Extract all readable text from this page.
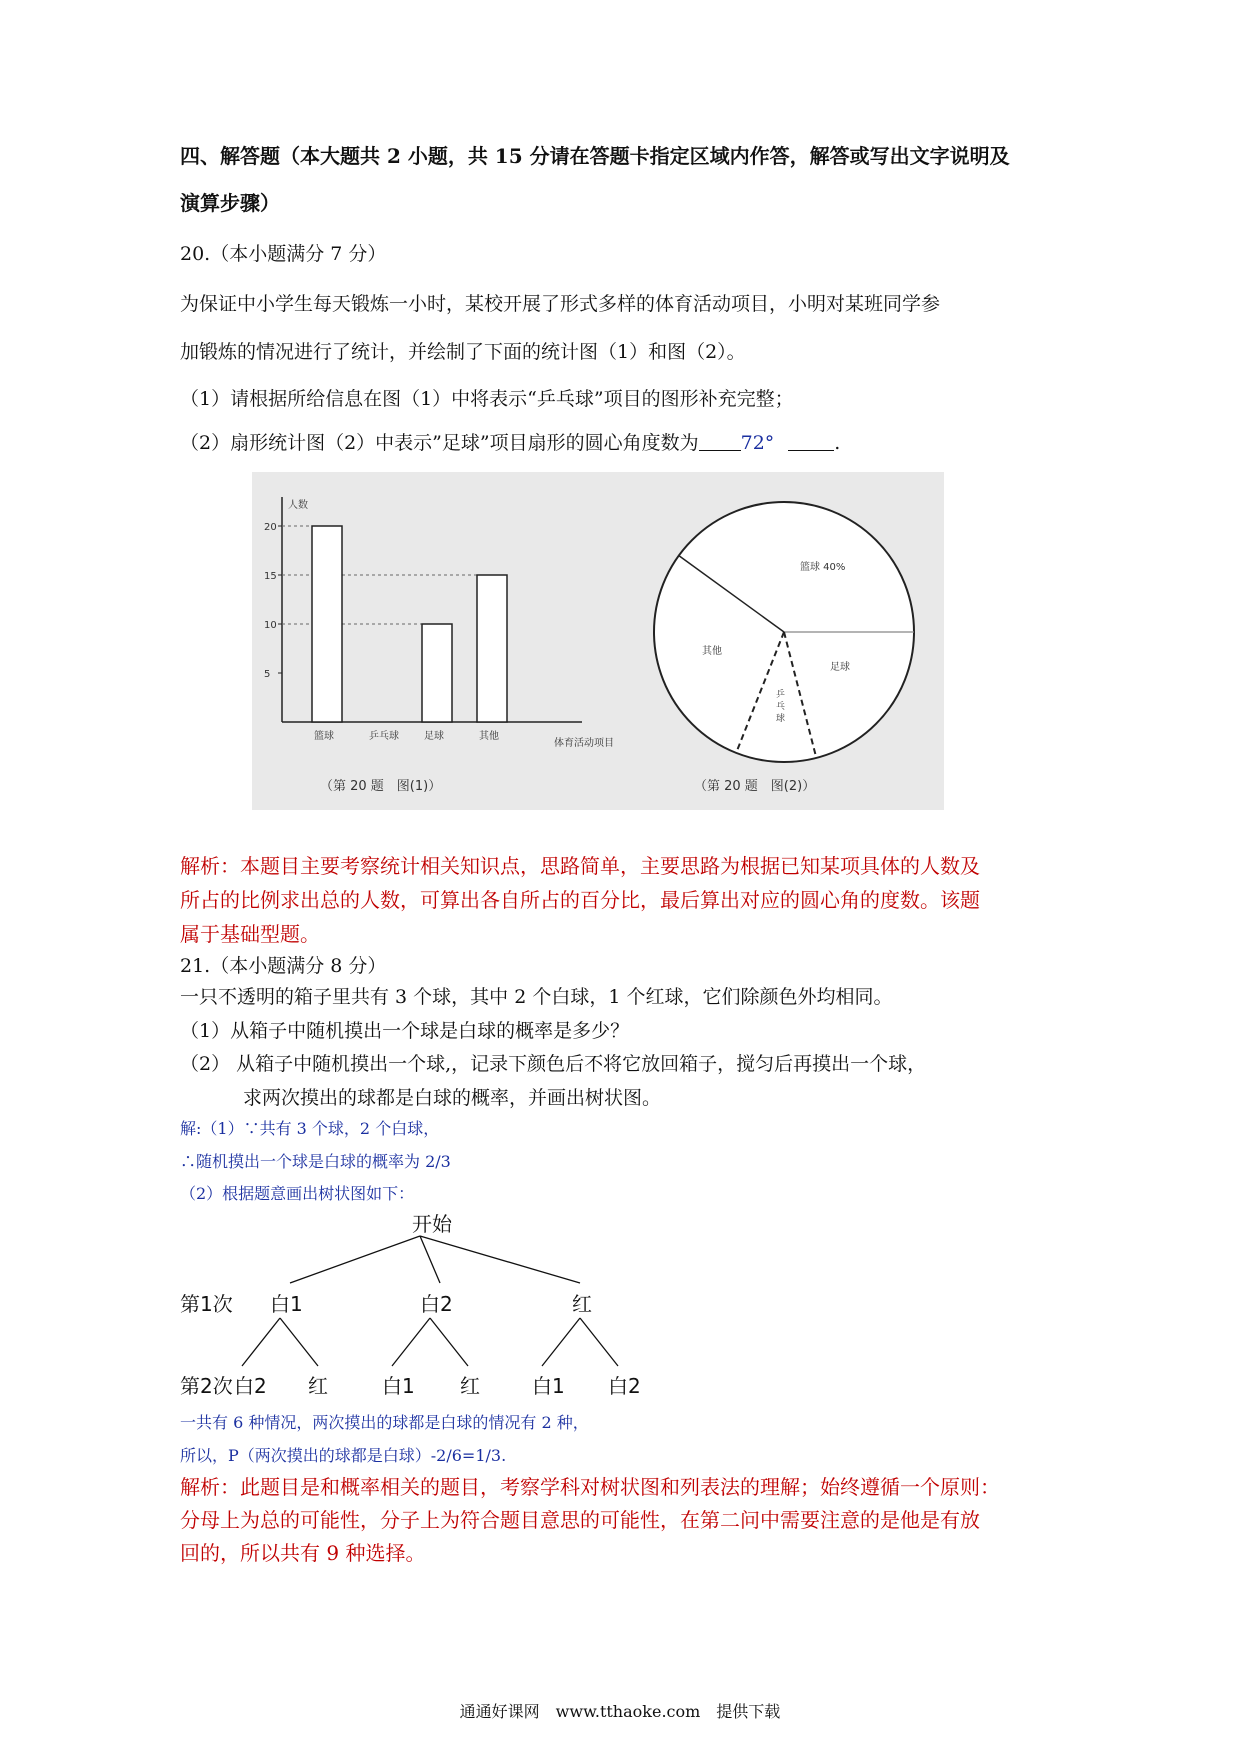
四、解答题（本大题共 2 小题，共 15 分请在答题卡指定区域内作答，解答或写出文字说明及
演算步骤）
20.（本小题满分 7 分）
为保证中小学生每天锻炼一小时，某校开展了形式多样的体育活动项目，小明对某班同学参
加锻炼的情况进行了统计，并绘制了下面的统计图（1）和图（2）。
（1）请根据所给信息在图（1）中将表示“乒乓球”项目的图形补充完整；
（2）扇形统计图（2）中表示”足球”项目扇形的圆心角度数为 72°	.
人数
体育活动项目
5
10
15
20
篮球	乒乓球	足球	其他
（第 20 题　图(1)）
篮球 40%
足球
其他
乒乓球
（第 20 题　图(2)）
解析：本题目主要考察统计相关知识点，思路简单，主要思路为根据已知某项具体的人数及
所占的比例求出总的人数，可算出各自所占的百分比，最后算出对应的圆心角的度数。该题
属于基础型题。
21.（本小题满分 8 分）
一只不透明的箱子里共有 3 个球，其中 2 个白球，1 个红球，它们除颜色外均相同。
（1）从箱子中随机摸出一个球是白球的概率是多少？
（2） 从箱子中随机摸出一个球,，记录下颜色后不将它放回箱子，搅匀后再摸出一个球，
求两次摸出的球都是白球的概率，并画出树状图。
解:（1）∵共有 3 个球，2 个白球，
∴随机摸出一个球是白球的概率为 2/3
（2）根据题意画出树状图如下：
开始
第1次
第2次
白1	白2	红
白2 红	白1 红	白1 白2
一共有 6 种情况，两次摸出的球都是白球的情况有 2 种，
所以，P（两次摸出的球都是白球）-2/6=1/3.
解析：此题目是和概率相关的题目，考察学科对树状图和列表法的理解；始终遵循一个原则：
分母上为总的可能性，分子上为符合题目意思的可能性，在第二问中需要注意的是他是有放
回的，所以共有 9 种选择。
通通好课网　www.tthaoke.com　提供下载
